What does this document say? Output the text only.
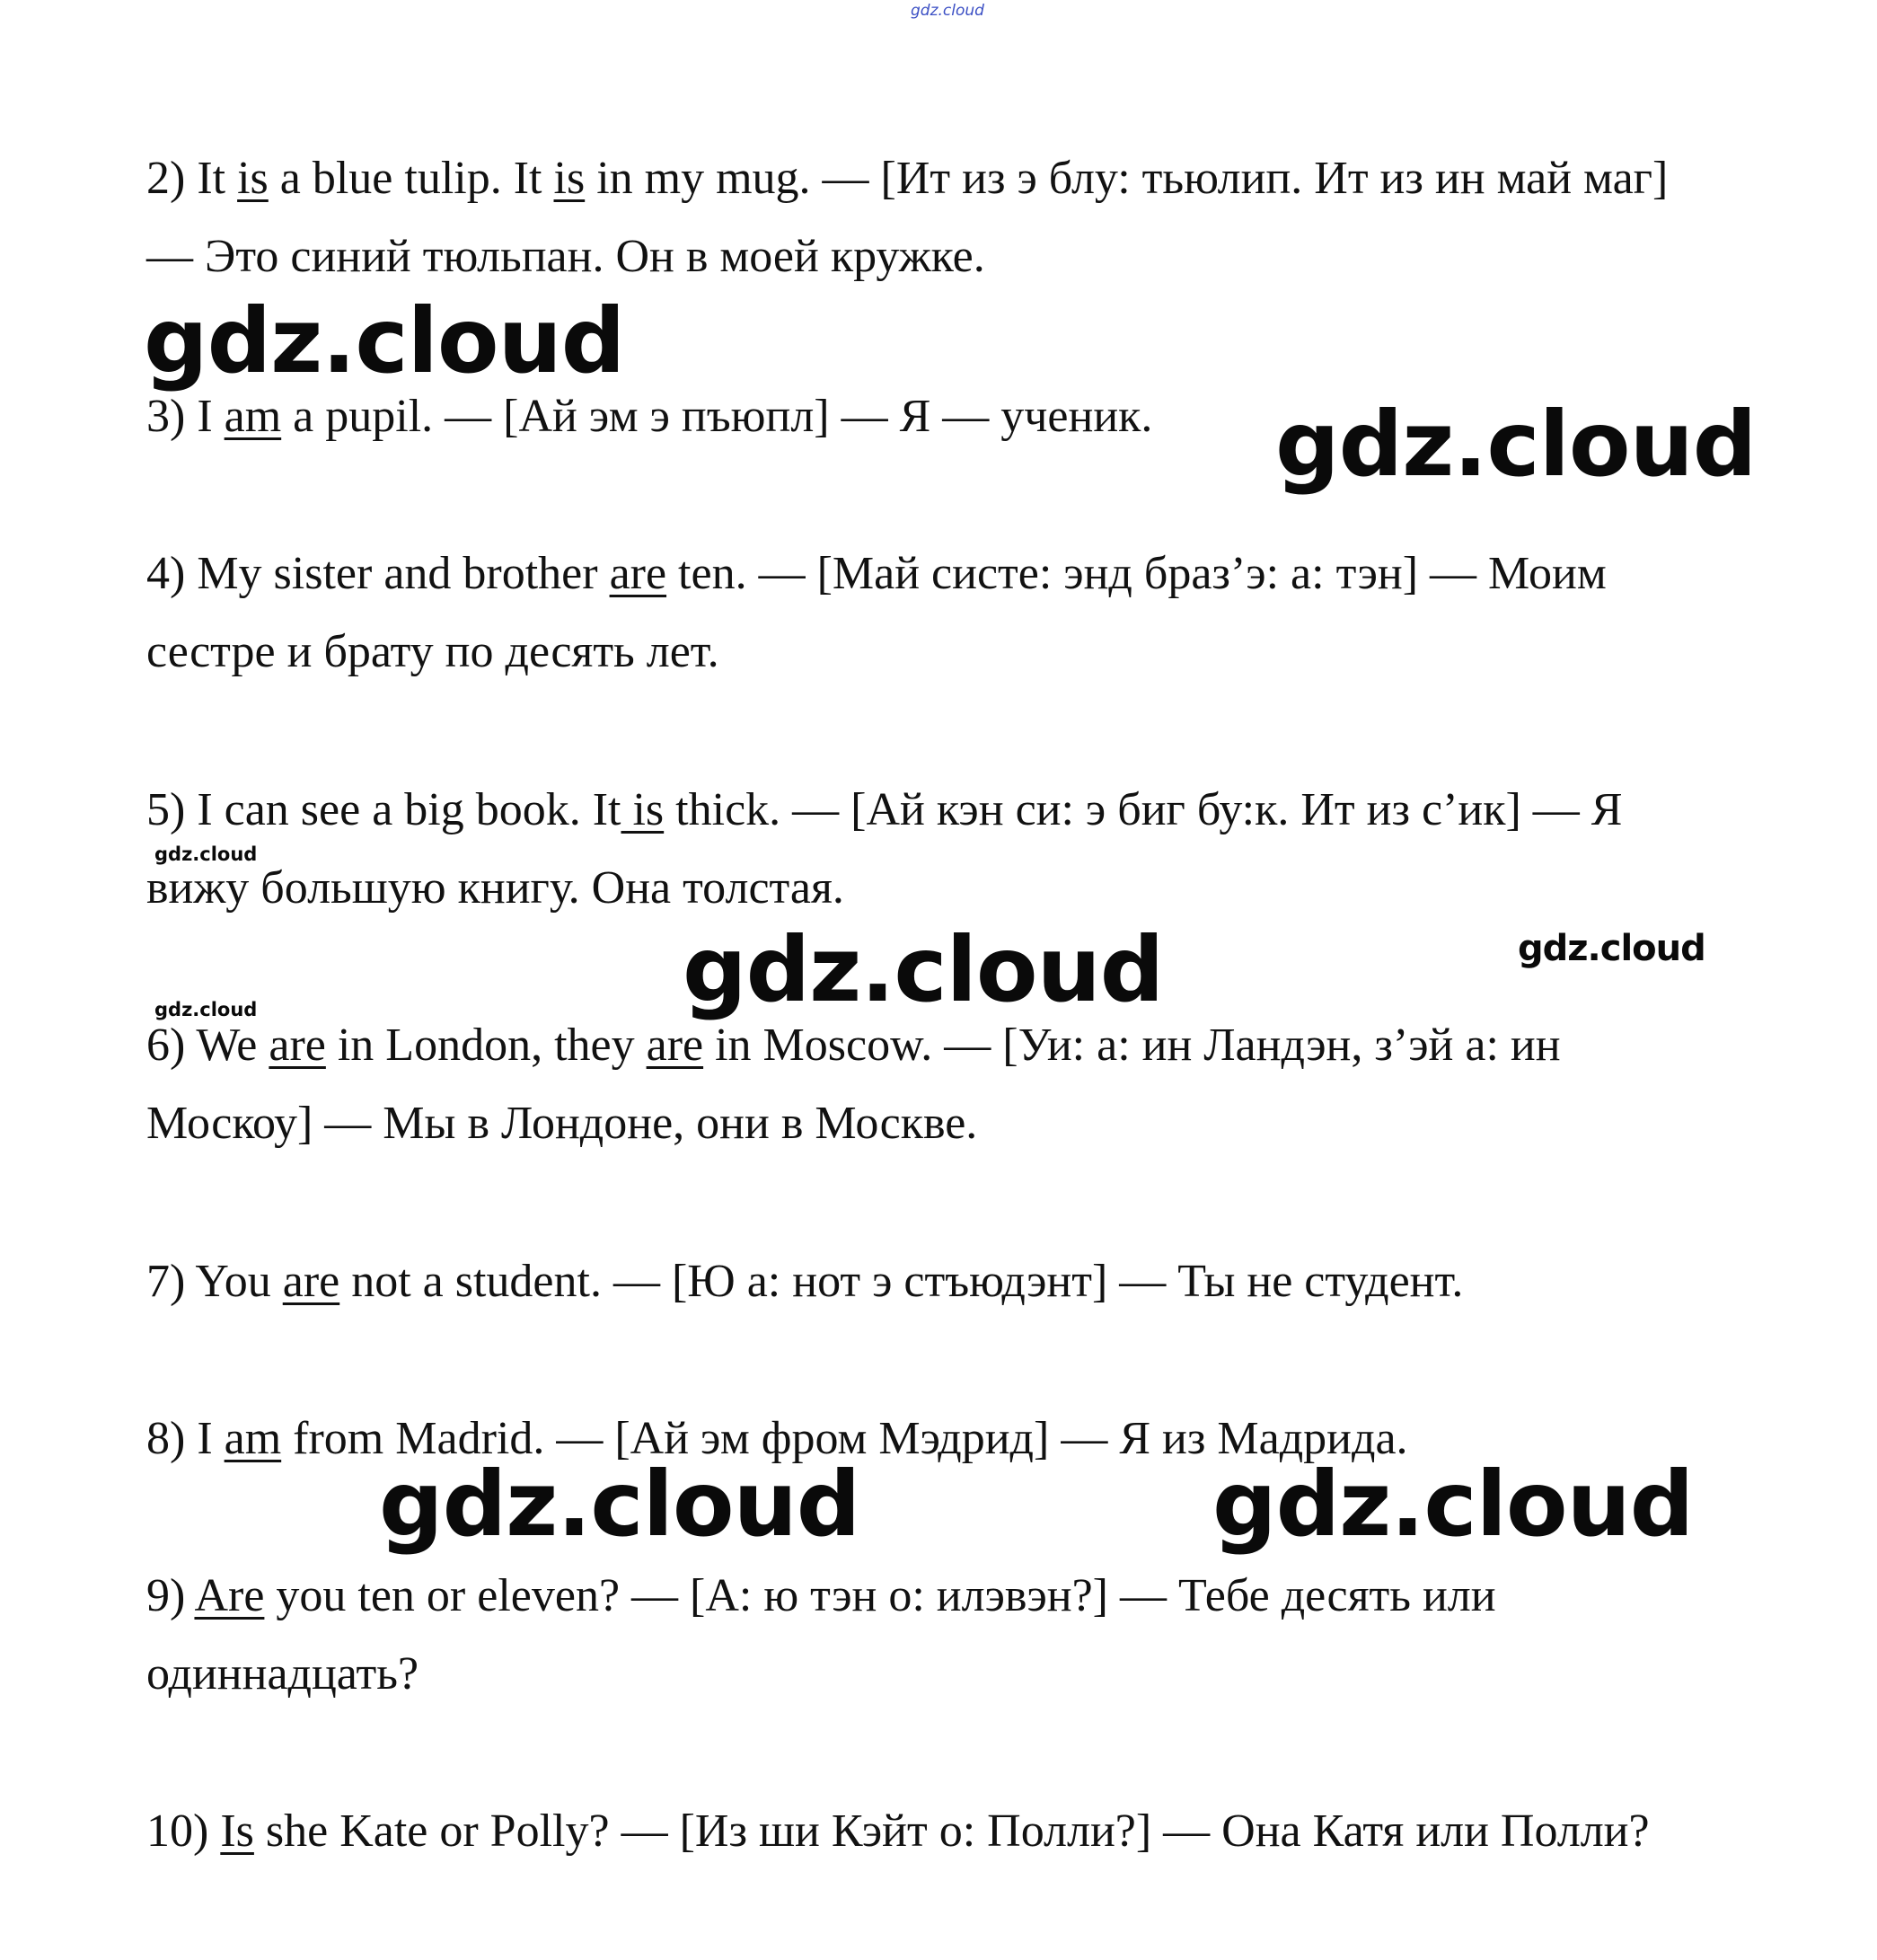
gdz.cloud

2) It is a blue tulip. It is in my mug. — [Ит из э блу: тьюлип. Ит из ин май маг] — Это синий тюльпан. Он в моей кружке.

gdz.cloud

3) I am a pupil. — [Ай эм э пъюпл] — Я — ученик.	gdz.cloud

4) My sister and brother are ten. — [Май систе: энд браз’э: а: тэн] — Моим сестре и брату по десять лет.

5) I can see a big book. It is thick. — [Ай кэн си: э биг бу:к. Ит из с’ик] — Я вижу большую книгу. Она толстая.

gdz.cloud
gdz.cloud	gdz.cloud
gdz.cloud

6) We are in London, they are in Moscow. — [Уи: а: ин Ландэн, з’эй а: ин Москоу] — Мы в Лондоне, они в Москве.

7) You are not a student. — [Ю а: нот э стъюдэнт] — Ты не студент.

8) I am from Madrid. — [Ай эм фром Мэдрид] — Я из Мадрида.

gdz.cloud	gdz.cloud

9) Are you ten or eleven? — [А: ю тэн о: илэвэн?] — Тебе десять или одиннадцать?

10) Is she Kate or Polly? — [Из ши Кэйт о: Полли?] — Она Катя или Полли?
